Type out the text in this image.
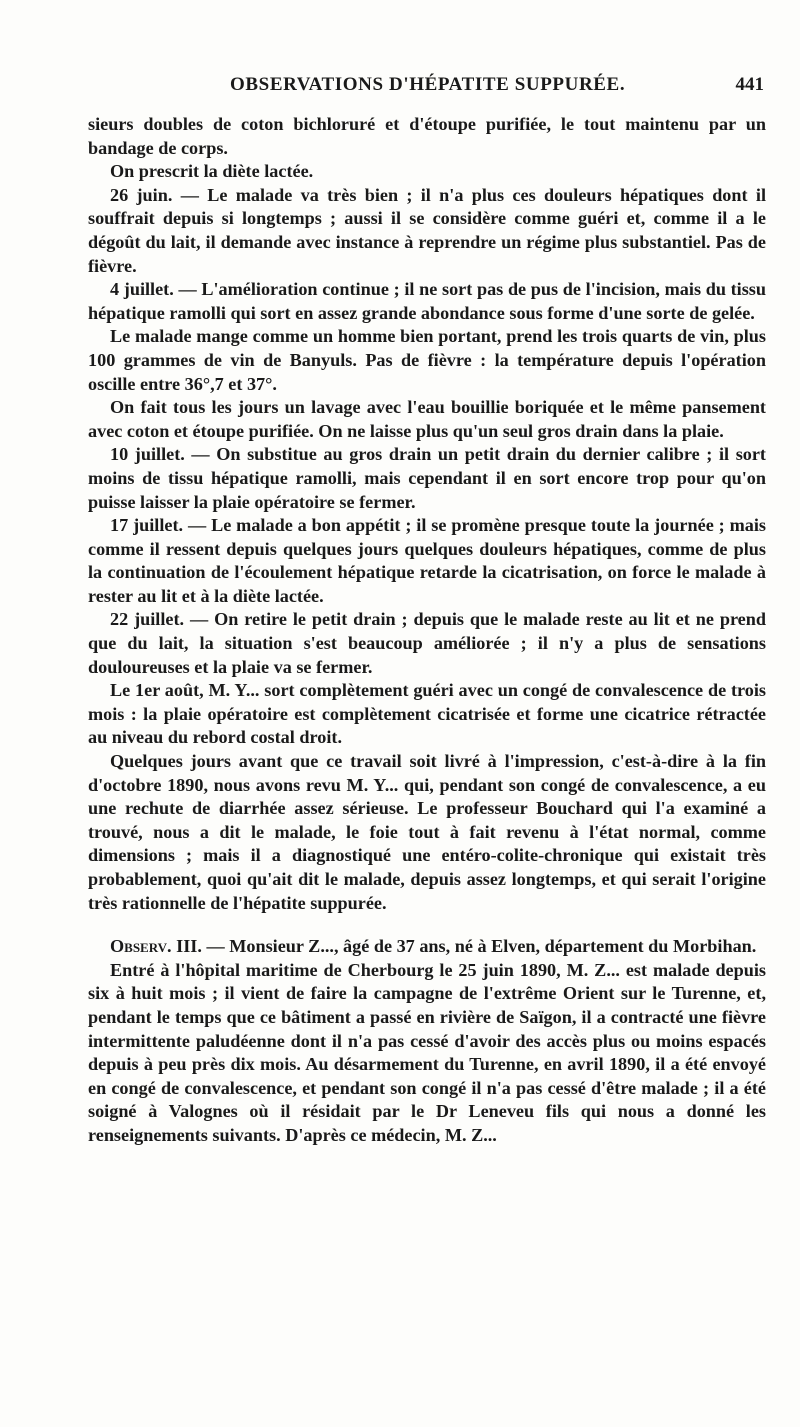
OBSERVATIONS D'HÉPATITE SUPPURÉE.	441

sieurs doubles de coton bichloruré et d'étoupe purifiée, le tout maintenu par un bandage de corps.

On prescrit la diète lactée.

26 juin. — Le malade va très bien ; il n'a plus ces douleurs hépatiques dont il souffrait depuis si longtemps ; aussi il se considère comme guéri et, comme il a le dégoût du lait, il demande avec instance à reprendre un régime plus substantiel. Pas de fièvre.

4 juillet. — L'amélioration continue ; il ne sort pas de pus de l'incision, mais du tissu hépatique ramolli qui sort en assez grande abondance sous forme d'une sorte de gelée.

Le malade mange comme un homme bien portant, prend les trois quarts de vin, plus 100 grammes de vin de Banyuls. Pas de fièvre : la température depuis l'opération oscille entre 36°,7 et 37°.

On fait tous les jours un lavage avec l'eau bouillie boriquée et le même pansement avec coton et étoupe purifiée. On ne laisse plus qu'un seul gros drain dans la plaie.

10 juillet. — On substitue au gros drain un petit drain du dernier calibre ; il sort moins de tissu hépatique ramolli, mais cependant il en sort encore trop pour qu'on puisse laisser la plaie opératoire se fermer.

17 juillet. — Le malade a bon appétit ; il se promène presque toute la journée ; mais comme il ressent depuis quelques jours quelques douleurs hépatiques, comme de plus la continuation de l'écoulement hépatique retarde la cicatrisation, on force le malade à rester au lit et à la diète lactée.

22 juillet. — On retire le petit drain ; depuis que le malade reste au lit et ne prend que du lait, la situation s'est beaucoup améliorée ; il n'y a plus de sensations douloureuses et la plaie va se fermer.

Le 1er août, M. Y... sort complètement guéri avec un congé de convalescence de trois mois : la plaie opératoire est complètement cicatrisée et forme une cicatrice rétractée au niveau du rebord costal droit.

Quelques jours avant que ce travail soit livré à l'impression, c'est-à-dire à la fin d'octobre 1890, nous avons revu M. Y... qui, pendant son congé de convalescence, a eu une rechute de diarrhée assez sérieuse. Le professeur Bouchard qui l'a examiné a trouvé, nous a dit le malade, le foie tout à fait revenu à l'état normal, comme dimensions ; mais il a diagnostiqué une entéro-colite-chronique qui existait très probablement, quoi qu'ait dit le malade, depuis assez longtemps, et qui serait l'origine très rationnelle de l'hépatite suppurée.

Observ. III. — Monsieur Z..., âgé de 37 ans, né à Elven, département du Morbihan.

Entré à l'hôpital maritime de Cherbourg le 25 juin 1890, M. Z... est malade depuis six à huit mois ; il vient de faire la campagne de l'extrême Orient sur le Turenne, et, pendant le temps que ce bâtiment a passé en rivière de Saïgon, il a contracté une fièvre intermittente paludéenne dont il n'a pas cessé d'avoir des accès plus ou moins espacés depuis à peu près dix mois. Au désarmement du Turenne, en avril 1890, il a été envoyé en congé de convalescence, et pendant son congé il n'a pas cessé d'être malade ; il a été soigné à Valognes où il résidait par le Dr Leneveu fils qui nous a donné les renseignements suivants. D'après ce médecin, M. Z...
